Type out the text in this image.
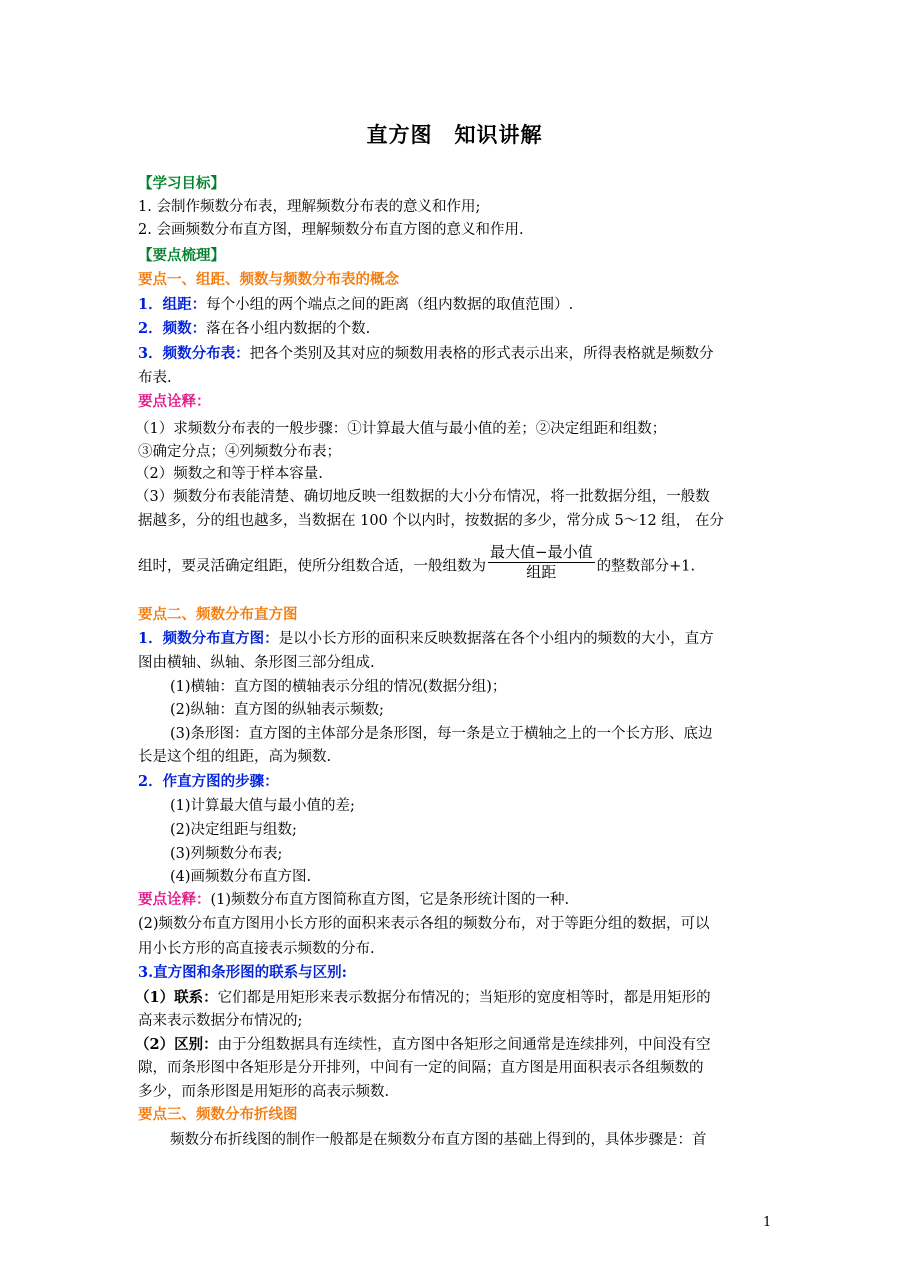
直方图 知识讲解
【学习目标】
1. 会制作频数分布表，理解频数分布表的意义和作用;
2. 会画频数分布直方图，理解频数分布直方图的意义和作用.
【要点梳理】
要点一、组距、频数与频数分布表的概念
1．组距：每个小组的两个端点之间的距离（组内数据的取值范围）.
2．频数：落在各小组内数据的个数.
3．频数分布表：把各个类别及其对应的频数用表格的形式表示出来，所得表格就是频数分
布表.
要点诠释：
（1）求频数分布表的一般步骤：①计算最大值与最小值的差；②决定组距和组数；
③确定分点；④列频数分布表；
（2）频数之和等于样本容量.
（3）频数分布表能清楚、确切地反映一组数据的大小分布情况，将一批数据分组，一般数
据越多，分的组也越多，当数据在 100 个以内时，按数据的多少，常分成 5～12 组， 在分
组时，要灵活确定组距，使所分组数合适，一般组数为 $\frac{\text{最大值−最小值}}{\text{组距}}$ 的整数部分+1.
要点二、频数分布直方图
1．频数分布直方图：是以小长方形的面积来反映数据落在各个小组内的频数的大小，直方
图由横轴、纵轴、条形图三部分组成.
(1)横轴：直方图的横轴表示分组的情况(数据分组)；
(2)纵轴：直方图的纵轴表示频数;
(3)条形图：直方图的主体部分是条形图，每一条是立于横轴之上的一个长方形、底边
长是这个组的组距，高为频数.
2．作直方图的步骤：
(1)计算最大值与最小值的差;
(2)决定组距与组数;
(3)列频数分布表;
(4)画频数分布直方图.
要点诠释：(1)频数分布直方图简称直方图，它是条形统计图的一种.
(2)频数分布直方图用小长方形的面积来表示各组的频数分布，对于等距分组的数据，可以
用小长方形的高直接表示频数的分布.
3.直方图和条形图的联系与区别:
（1）联系：它们都是用矩形来表示数据分布情况的；当矩形的宽度相等时，都是用矩形的
高来表示数据分布情况的;
（2）区别：由于分组数据具有连续性，直方图中各矩形之间通常是连续排列，中间没有空
隙，而条形图中各矩形是分开排列，中间有一定的间隔；直方图是用面积表示各组频数的
多少，而条形图是用矩形的高表示频数.
要点三、频数分布折线图
频数分布折线图的制作一般都是在频数分布直方图的基础上得到的，具体步骤是：首
1
